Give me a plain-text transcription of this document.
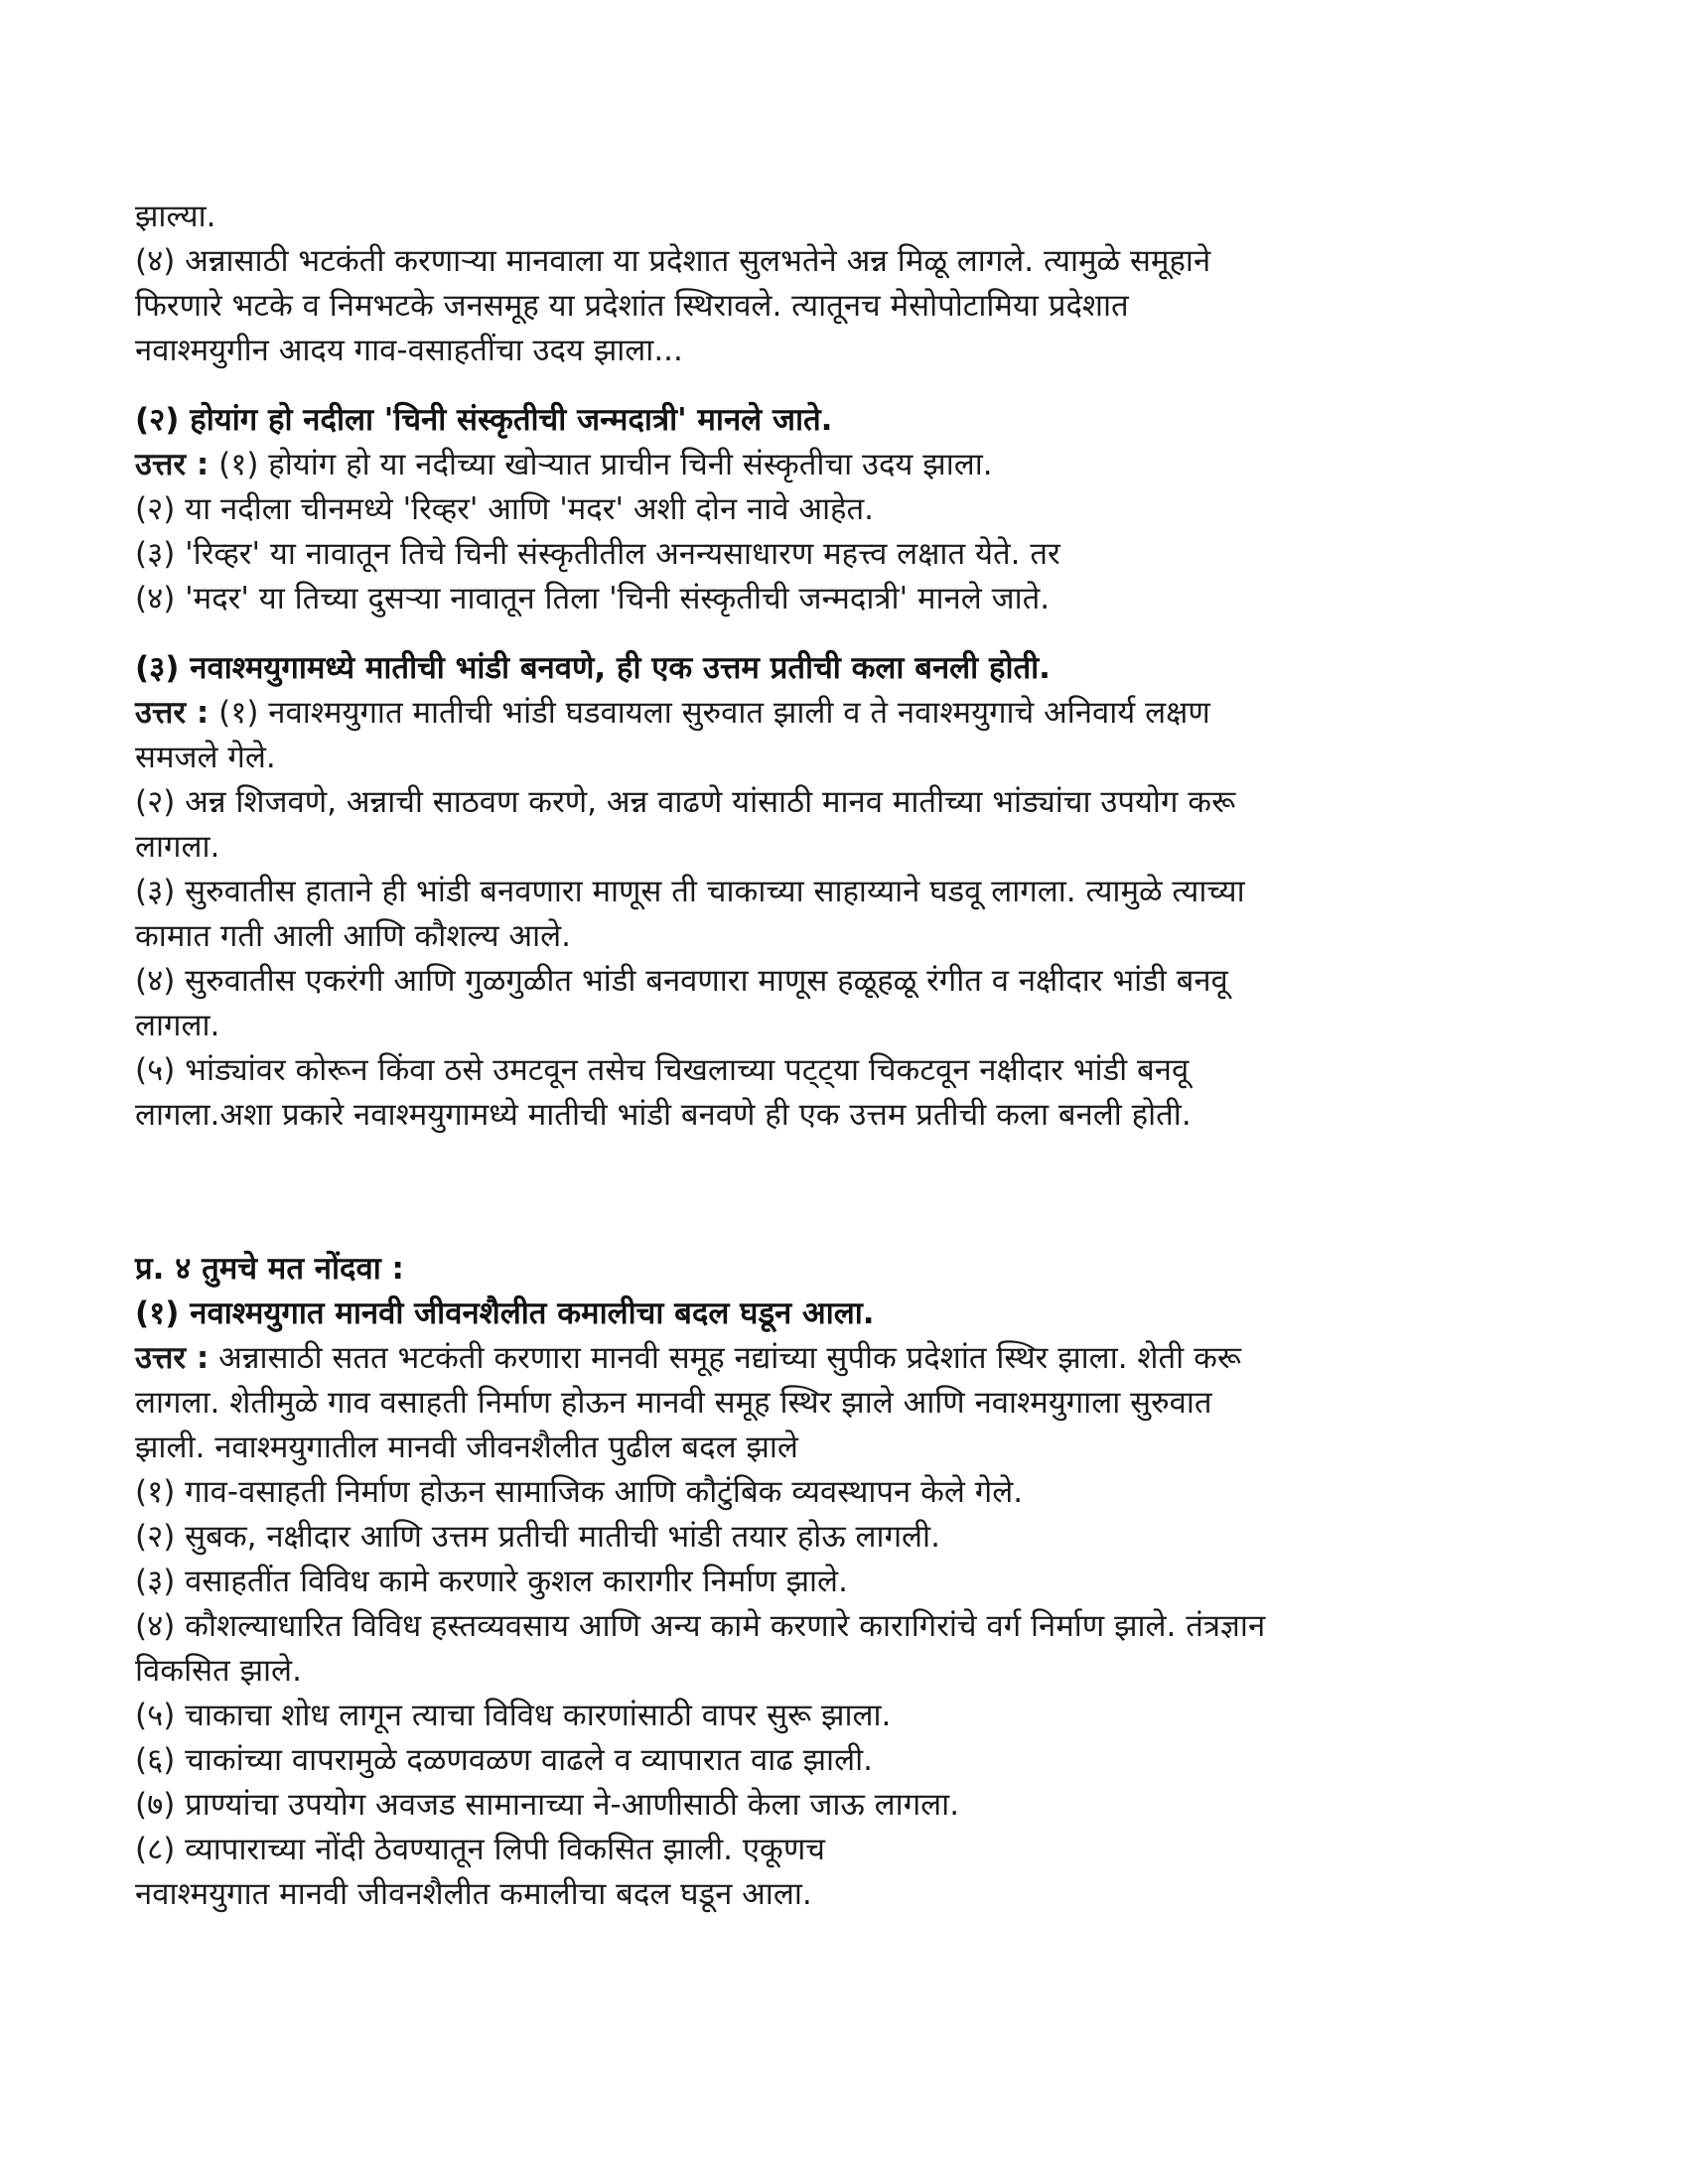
झाल्या.
(४) अन्नासाठी भटकंती करणाऱ्या मानवाला या प्रदेशात सुलभतेने अन्न मिळू लागले. त्यामुळे समूहाने
फिरणारे भटके व निमभटके जनसमूह या प्रदेशांत स्थिरावले. त्यातूनच मेसोपोटामिया प्रदेशात
नवाश्मयुगीन आदय गाव-वसाहतींचा उदय झाला...
(२) होयांग हो नदीला 'चिनी संस्कृतीची जन्मदात्री' मानले जाते.
उत्तर : (१) होयांग हो या नदीच्या खोऱ्यात प्राचीन चिनी संस्कृतीचा उदय झाला.
(२) या नदीला चीनमध्ये 'रिव्हर' आणि 'मदर' अशी दोन नावे आहेत.
(३) 'रिव्हर' या नावातून तिचे चिनी संस्कृतीतील अनन्यसाधारण महत्त्व लक्षात येते. तर
(४) 'मदर' या तिच्या दुसऱ्या नावातून तिला 'चिनी संस्कृतीची जन्मदात्री' मानले जाते.
(३) नवाश्मयुगामध्ये मातीची भांडी बनवणे, ही एक उत्तम प्रतीची कला बनली होती.
उत्तर : (१) नवाश्मयुगात मातीची भांडी घडवायला सुरुवात झाली व ते नवाश्मयुगाचे अनिवार्य लक्षण
समजले गेले.
(२) अन्न शिजवणे, अन्नाची साठवण करणे, अन्न वाढणे यांसाठी मानव मातीच्या भांड्यांचा उपयोग करू
लागला.
(३) सुरुवातीस हाताने ही भांडी बनवणारा माणूस ती चाकाच्या साहाय्याने घडवू लागला. त्यामुळे त्याच्या
कामात गती आली आणि कौशल्य आले.
(४) सुरुवातीस एकरंगी आणि गुळगुळीत भांडी बनवणारा माणूस हळूहळू रंगीत व नक्षीदार भांडी बनवू
लागला.
(५) भांड्यांवर कोरून किंवा ठसे उमटवून तसेच चिखलाच्या पट्ट्या चिकटवून नक्षीदार भांडी बनवू
लागला.अशा प्रकारे नवाश्मयुगामध्ये मातीची भांडी बनवणे ही एक उत्तम प्रतीची कला बनली होती.
प्र. ४ तुमचे मत नोंदवा :
(१) नवाश्मयुगात मानवी जीवनशैलीत कमालीचा बदल घडून आला.
उत्तर : अन्नासाठी सतत भटकंती करणारा मानवी समूह नद्यांच्या सुपीक प्रदेशांत स्थिर झाला. शेती करू
लागला. शेतीमुळे गाव वसाहती निर्माण होऊन मानवी समूह स्थिर झाले आणि नवाश्मयुगाला सुरुवात
झाली. नवाश्मयुगातील मानवी जीवनशैलीत पुढील बदल झाले
(१) गाव-वसाहती निर्माण होऊन सामाजिक आणि कौटुंबिक व्यवस्थापन केले गेले.
(२) सुबक, नक्षीदार आणि उत्तम प्रतीची मातीची भांडी तयार होऊ लागली.
(३) वसाहतींत विविध कामे करणारे कुशल कारागीर निर्माण झाले.
(४) कौशल्याधारित विविध हस्तव्यवसाय आणि अन्य कामे करणारे कारागिरांचे वर्ग निर्माण झाले. तंत्रज्ञान
विकसित झाले.
(५) चाकाचा शोध लागून त्याचा विविध कारणांसाठी वापर सुरू झाला.
(६) चाकांच्या वापरामुळे दळणवळण वाढले व व्यापारात वाढ झाली.
(७) प्राण्यांचा उपयोग अवजड सामानाच्या ने-आणीसाठी केला जाऊ लागला.
(८) व्यापाराच्या नोंदी ठेवण्यातून लिपी विकसित झाली. एकूणच
नवाश्मयुगात मानवी जीवनशैलीत कमालीचा बदल घडून आला.
